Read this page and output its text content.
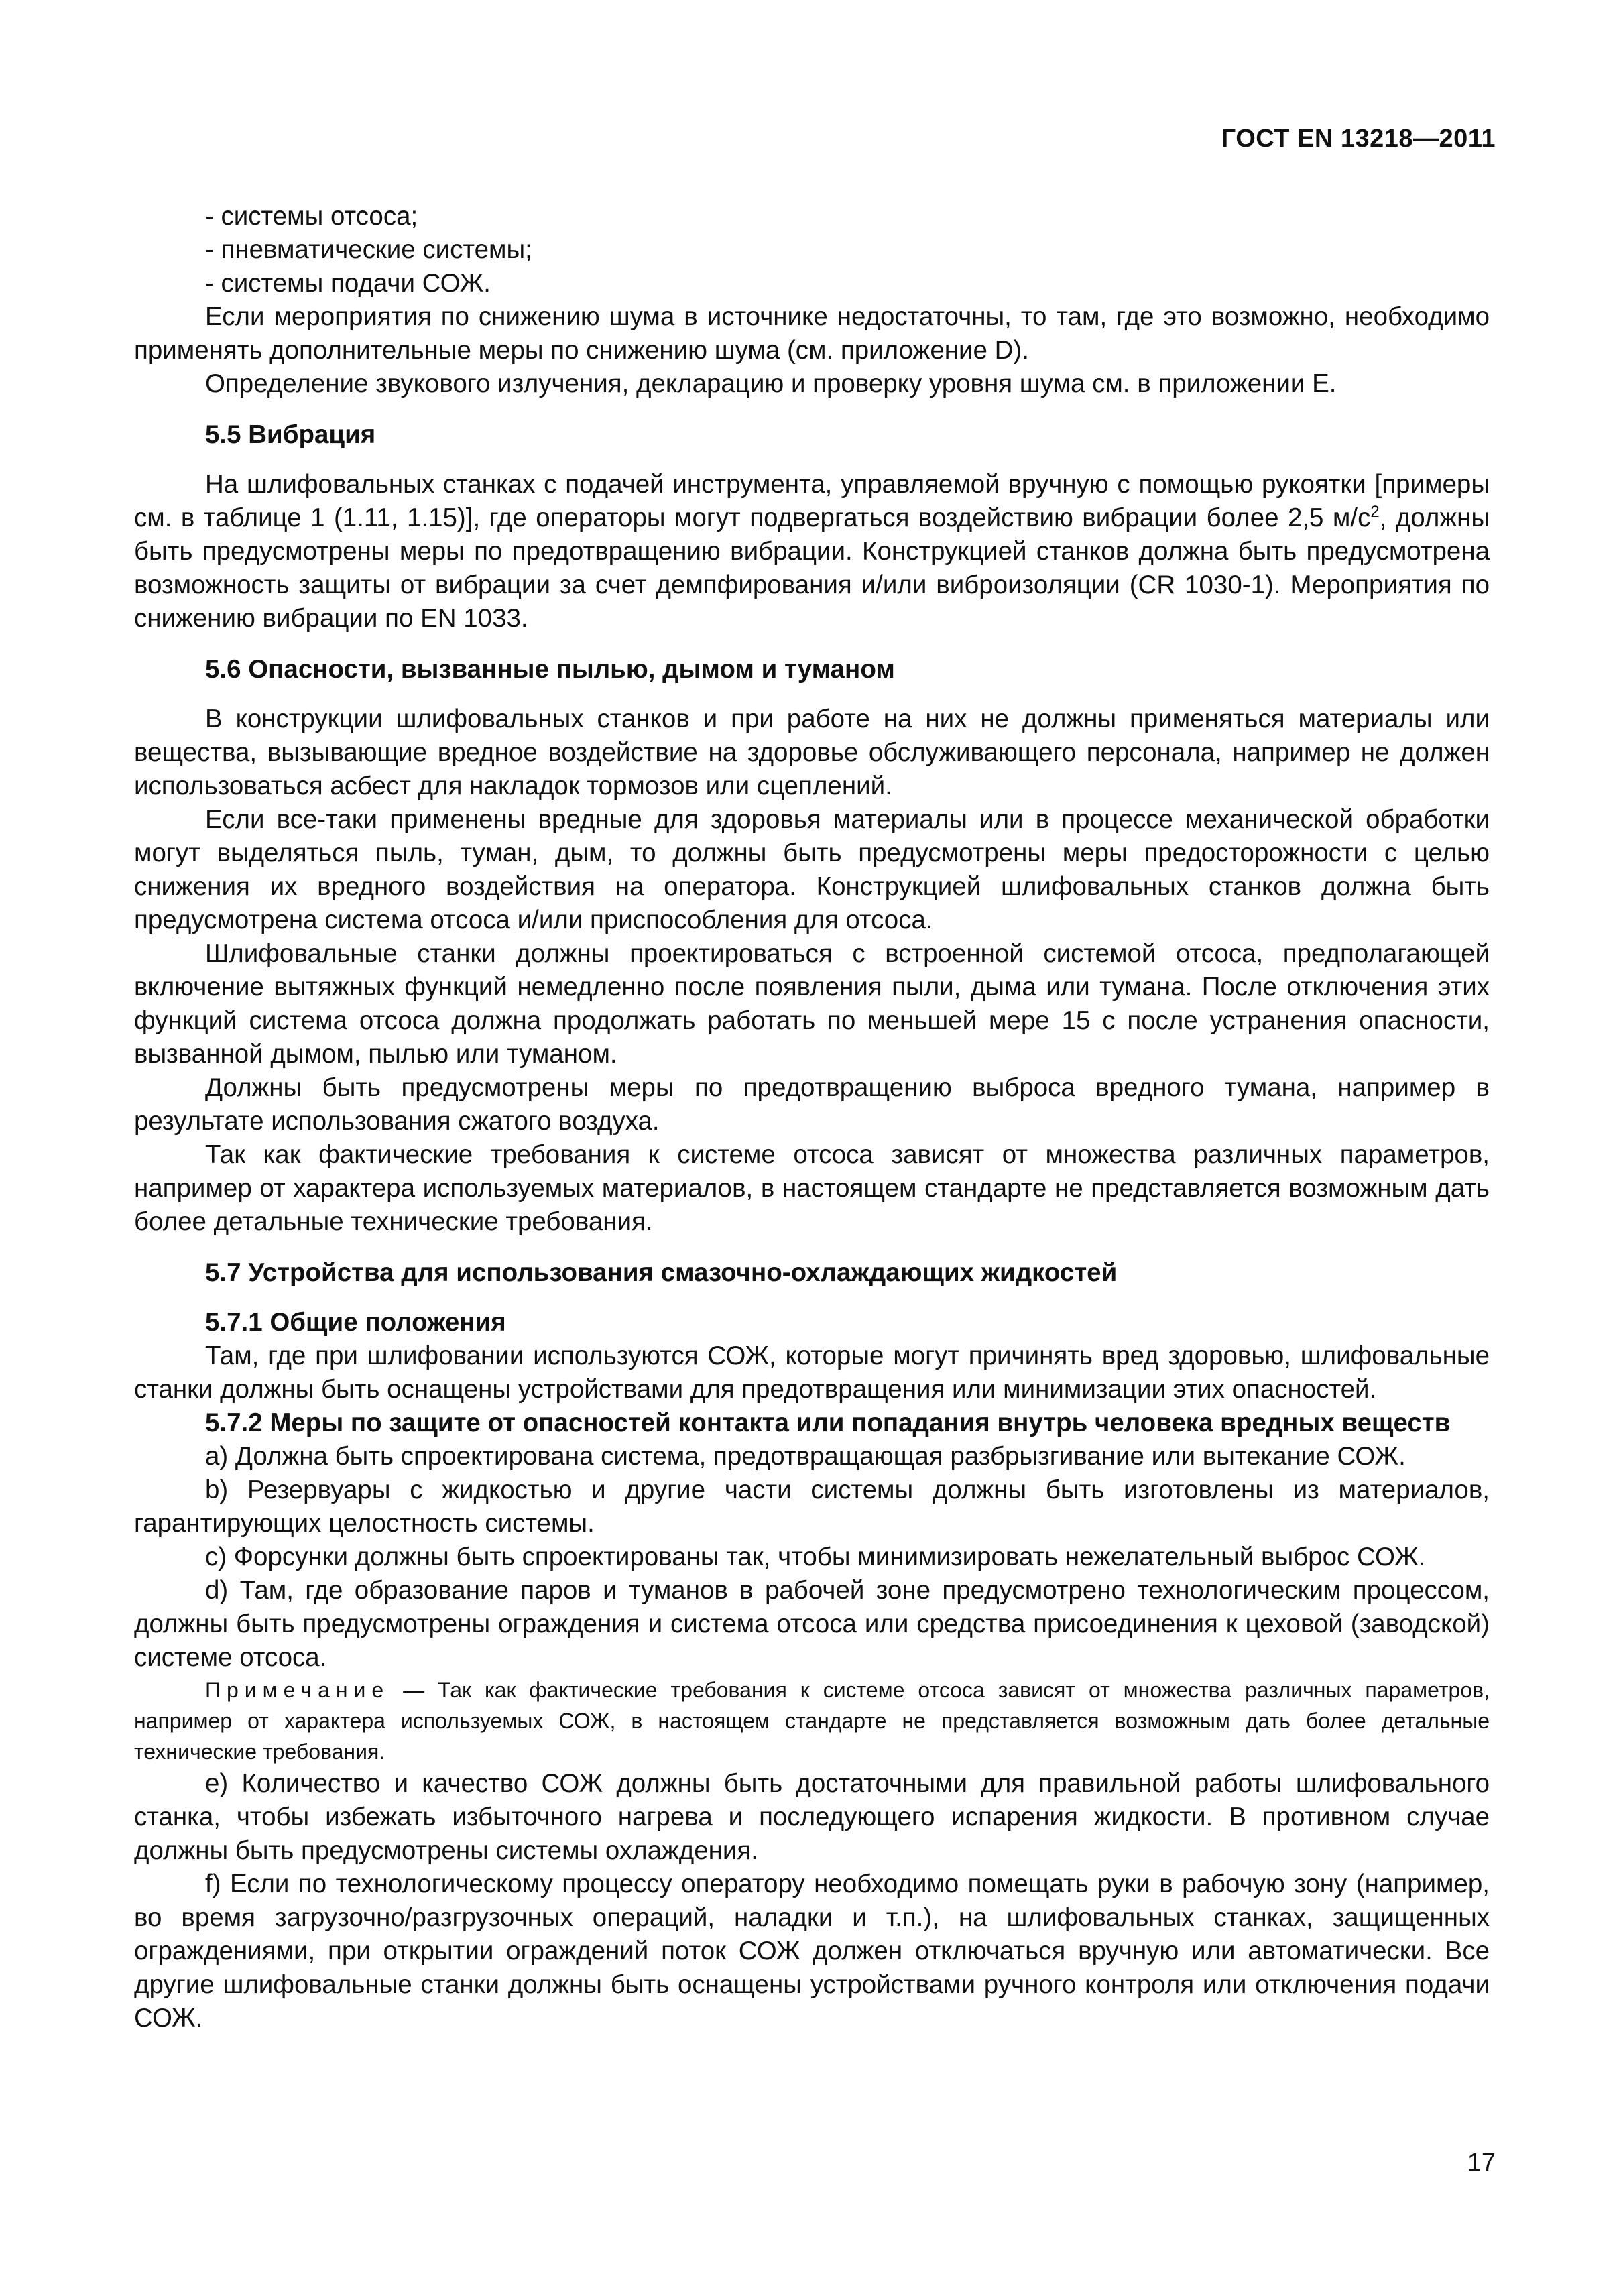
ГОСТ EN 13218—2011

- системы отсоса;

- пневматические системы;

- системы подачи СОЖ.

Если мероприятия по снижению шума в источнике недостаточны, то там, где это возможно, необходимо применять дополнительные меры по снижению шума (см. приложение D).

Определение звукового излучения, декларацию и проверку уровня шума см. в приложении Е.

5.5 Вибрация

На шлифовальных станках с подачей инструмента, управляемой вручную с помощью рукоятки [примеры см. в таблице 1 (1.11, 1.15)], где операторы могут подвергаться воздействию вибрации более 2,5 $м/с^2$, должны быть предусмотрены меры по предотвращению вибрации. Конструкцией станков должна быть предусмотрена возможность защиты от вибрации за счет демпфирования и/или виброизоляции (CR 1030-1). Мероприятия по снижению вибрации по EN 1033.

5.6 Опасности, вызванные пылью, дымом и туманом

В конструкции шлифовальных станков и при работе на них не должны применяться материалы или вещества, вызывающие вредное воздействие на здоровье обслуживающего персонала, например не должен использоваться асбест для накладок тормозов или сцеплений.

Если все-таки применены вредные для здоровья материалы или в процессе механической обработки могут выделяться пыль, туман, дым, то должны быть предусмотрены меры предосторожности с целью снижения их вредного воздействия на оператора. Конструкцией шлифовальных станков должна быть предусмотрена система отсоса и/или приспособления для отсоса.

Шлифовальные станки должны проектироваться с встроенной системой отсоса, предполагающей включение вытяжных функций немедленно после появления пыли, дыма или тумана. После отключения этих функций система отсоса должна продолжать работать по меньшей мере 15 с после устранения опасности, вызванной дымом, пылью или туманом.

Должны быть предусмотрены меры по предотвращению выброса вредного тумана, например в результате использования сжатого воздуха.

Так как фактические требования к системе отсоса зависят от множества различных параметров, например от характера используемых материалов, в настоящем стандарте не представляется возможным дать более детальные технические требования.

5.7 Устройства для использования смазочно-охлаждающих жидкостей
5.7.1 Общие положения

Там, где при шлифовании используются СОЖ, которые могут причинять вред здоровью, шлифовальные станки должны быть оснащены устройствами для предотвращения или минимизации этих опасностей.

5.7.2 Меры по защите от опасностей контакта или попадания внутрь человека вредных веществ

а) Должна быть спроектирована система, предотвращающая разбрызгивание или вытекание СОЖ.

b) Резервуары с жидкостью и другие части системы должны быть изготовлены из материалов, гарантирующих целостность системы.

с) Форсунки должны быть спроектированы так, чтобы минимизировать нежелательный выброс СОЖ.

d) Там, где образование паров и туманов в рабочей зоне предусмотрено технологическим процессом, должны быть предусмотрены ограждения и система отсоса или средства присоединения к цеховой (заводской) системе отсоса.

Примечание — Так как фактические требования к системе отсоса зависят от множества различных параметров, например от характера используемых СОЖ, в настоящем стандарте не представляется возможным дать более детальные технические требования.

е) Количество и качество СОЖ должны быть достаточными для правильной работы шлифовального станка, чтобы избежать избыточного нагрева и последующего испарения жидкости. В противном случае должны быть предусмотрены системы охлаждения.

f) Если по технологическому процессу оператору необходимо помещать руки в рабочую зону (например, во время загрузочно/разгрузочных операций, наладки и т.п.), на шлифовальных станках, защищенных ограждениями, при открытии ограждений поток СОЖ должен отключаться вручную или автоматически. Все другие шлифовальные станки должны быть оснащены устройствами ручного контроля или отключения подачи СОЖ.

17
